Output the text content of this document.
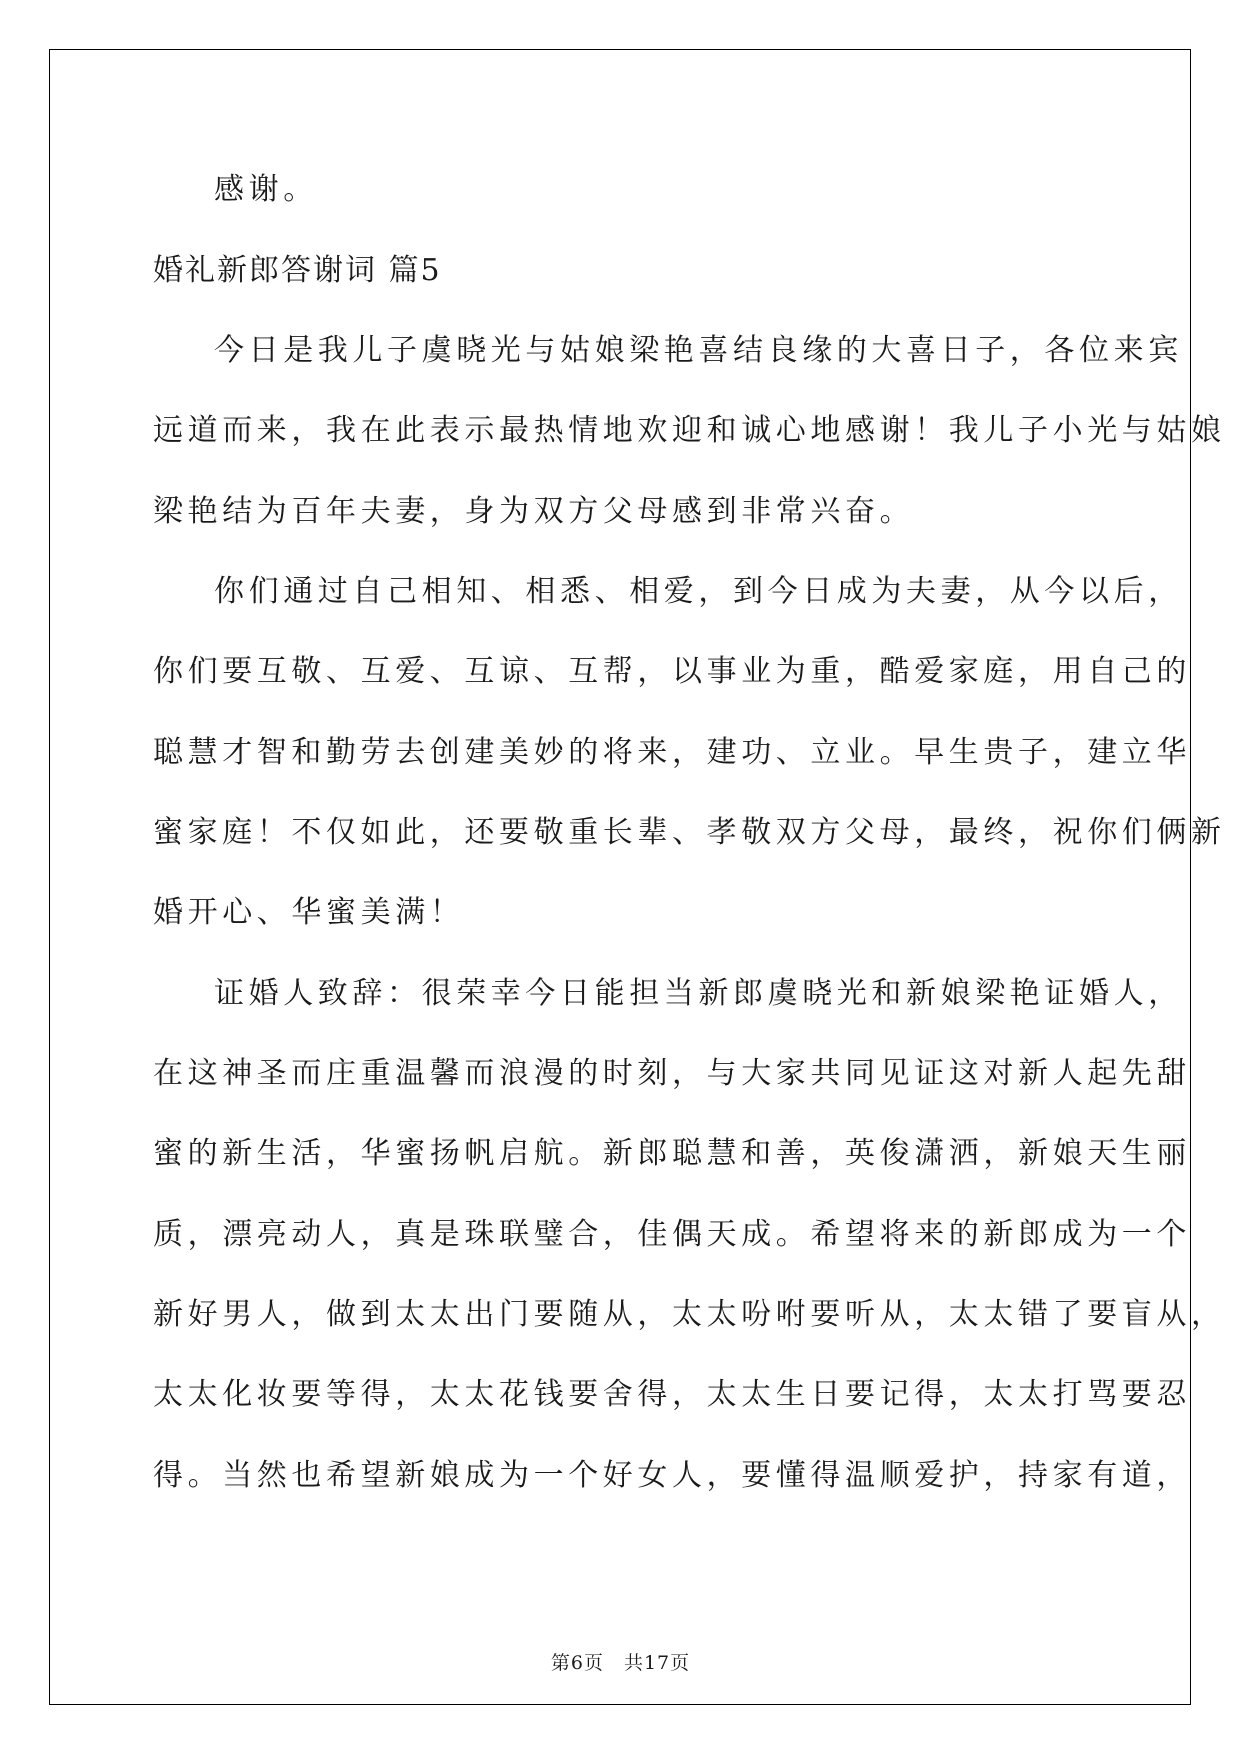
感谢。

婚礼新郎答谢词 篇5

今日是我儿子虞晓光与姑娘梁艳喜结良缘的大喜日子，各位来宾

远道而来，我在此表示最热情地欢迎和诚心地感谢！我儿子小光与姑娘

梁艳结为百年夫妻，身为双方父母感到非常兴奋。

你们通过自己相知、相悉、相爱，到今日成为夫妻，从今以后，

你们要互敬、互爱、互谅、互帮，以事业为重，酷爱家庭，用自己的

聪慧才智和勤劳去创建美妙的将来，建功、立业。早生贵子，建立华

蜜家庭！不仅如此，还要敬重长辈、孝敬双方父母，最终，祝你们俩新

婚开心、华蜜美满！

证婚人致辞：很荣幸今日能担当新郎虞晓光和新娘梁艳证婚人，

在这神圣而庄重温馨而浪漫的时刻，与大家共同见证这对新人起先甜

蜜的新生活，华蜜扬帆启航。新郎聪慧和善，英俊潇洒，新娘天生丽

质，漂亮动人，真是珠联璧合，佳偶天成。希望将来的新郎成为一个

新好男人，做到太太出门要随从，太太吩咐要听从，太太错了要盲从，

太太化妆要等得，太太花钱要舍得，太太生日要记得，太太打骂要忍

得。当然也希望新娘成为一个好女人，要懂得温顺爱护，持家有道，

第6页　共17页
